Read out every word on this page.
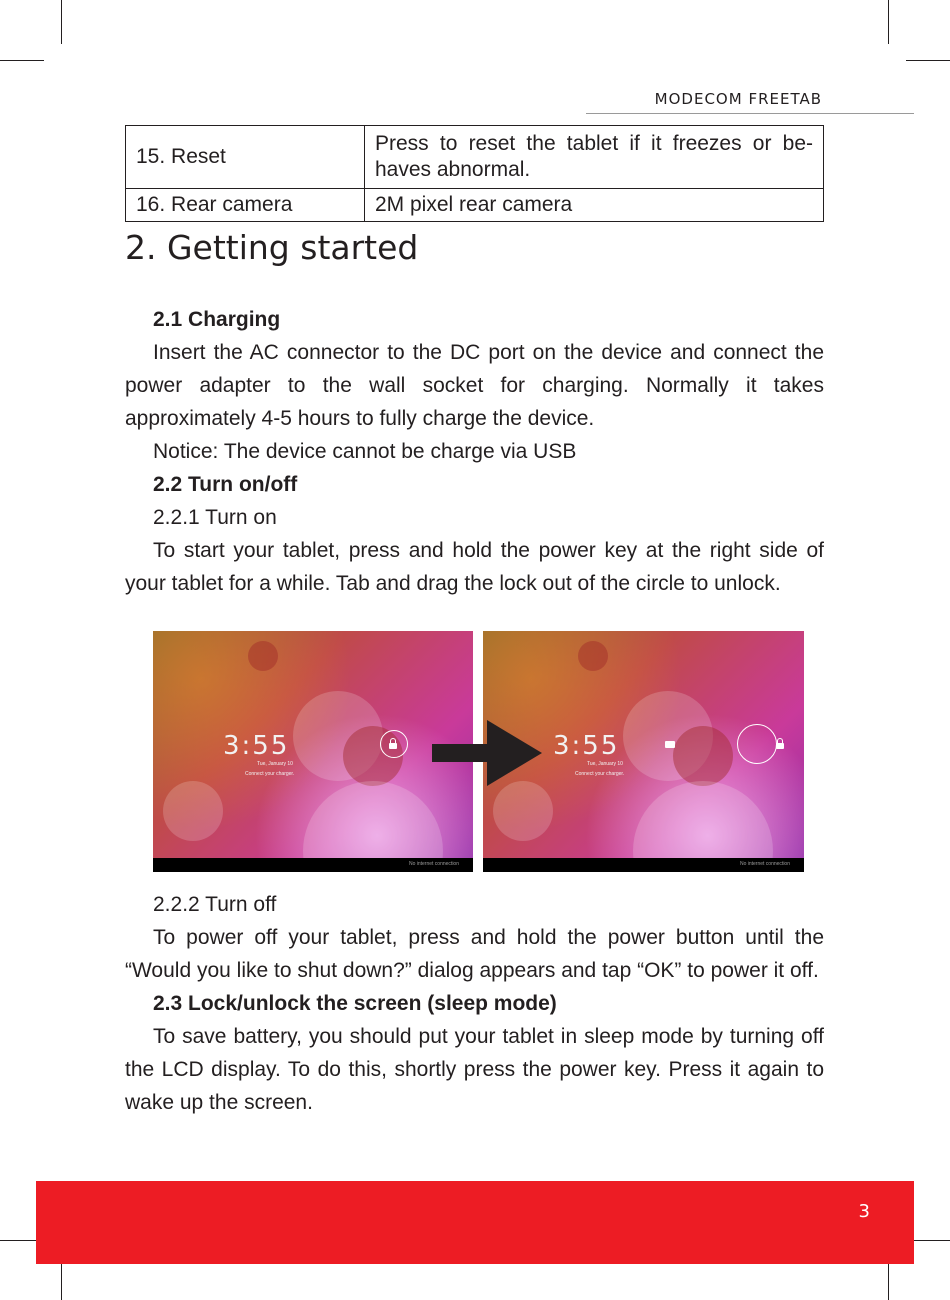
MODECOM FREETAB
15. Reset	Press to reset the tablet if it freezes or be-haves abnormal.
16. Rear camera	2M pixel rear camera
2. Getting started

2.1 Charging

Insert the AC connector to the DC port on the device and connect the power adapter to the wall socket for charging. Normally it takes approximately 4-5 hours to fully charge the device.

Notice: The device cannot be charge via USB

2.2 Turn on/off

2.2.1 Turn on

To start your tablet, press and hold the power key at the right side of your tablet for a while. Tab and drag the lock out of the circle to unlock.

3:55
Tue, January 10
Connect your charger.
No internet connection
3:55
Tue, January 10
Connect your charger.
No internet connection

2.2.2 Turn off

To power off your tablet, press and hold the power button until the “Would you like to shut down?” dialog appears and tap “OK” to power it off.

2.3 Lock/unlock the screen (sleep mode)

To save battery, you should put your tablet in sleep mode by turning off the LCD display. To do this, shortly press the power key. Press it again to wake up the screen.

3
